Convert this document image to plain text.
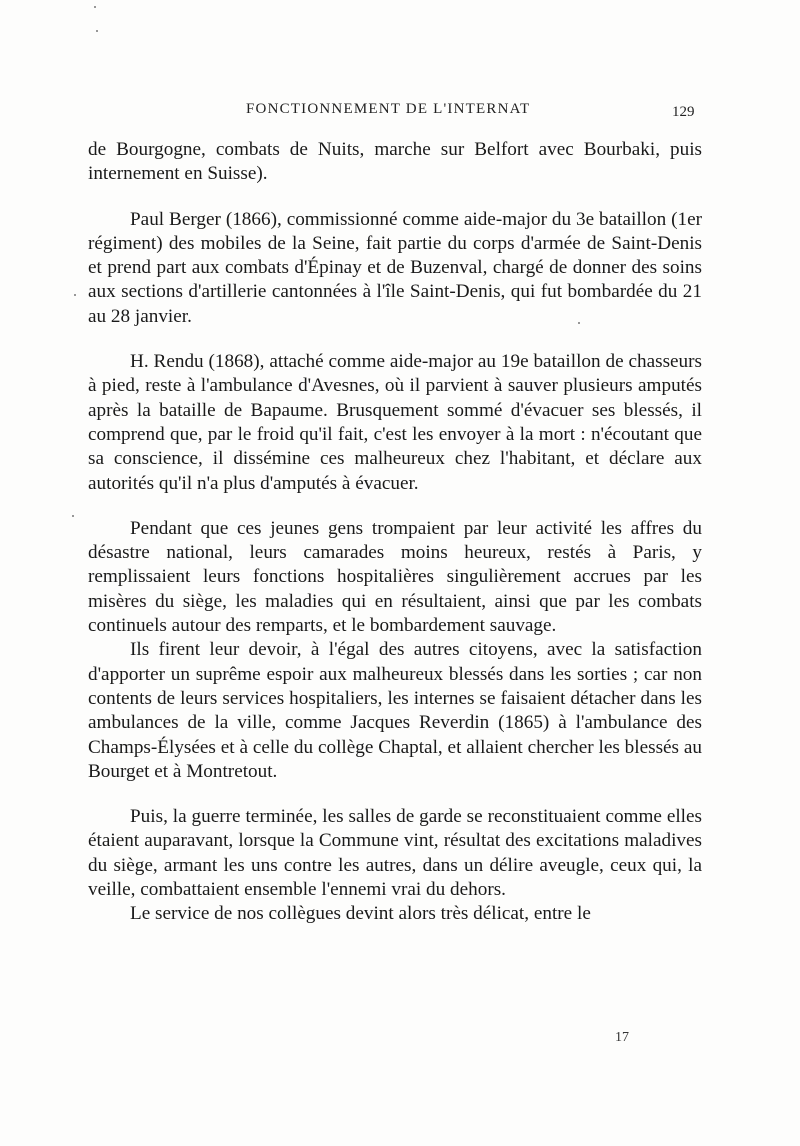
FONCTIONNEMENT DE L'INTERNAT	129

de Bourgogne, combats de Nuits, marche sur Belfort avec Bourbaki, puis internement en Suisse).

Paul Berger (1866), commissionné comme aide-major du 3e bataillon (1er régiment) des mobiles de la Seine, fait partie du corps d'armée de Saint-Denis et prend part aux combats d'Épinay et de Buzenval, chargé de donner des soins aux sections d'artillerie cantonnées à l'île Saint-Denis, qui fut bombardée du 21 au 28 janvier.

H. Rendu (1868), attaché comme aide-major au 19e bataillon de chasseurs à pied, reste à l'ambulance d'Avesnes, où il parvient à sauver plusieurs amputés après la bataille de Bapaume. Brusquement sommé d'évacuer ses blessés, il comprend que, par le froid qu'il fait, c'est les envoyer à la mort : n'écoutant que sa conscience, il dissémine ces malheureux chez l'habitant, et déclare aux autorités qu'il n'a plus d'amputés à évacuer.

Pendant que ces jeunes gens trompaient par leur activité les affres du désastre national, leurs camarades moins heureux, restés à Paris, y remplissaient leurs fonctions hospitalières singulièrement accrues par les misères du siège, les maladies qui en résultaient, ainsi que par les combats continuels autour des remparts, et le bombardement sauvage.

Ils firent leur devoir, à l'égal des autres citoyens, avec la satisfaction d'apporter un suprême espoir aux malheureux blessés dans les sorties ; car non contents de leurs services hospitaliers, les internes se faisaient détacher dans les ambulances de la ville, comme Jacques Reverdin (1865) à l'ambulance des Champs-Élysées et à celle du collège Chaptal, et allaient chercher les blessés au Bourget et à Montretout.

Puis, la guerre terminée, les salles de garde se reconstituaient comme elles étaient auparavant, lorsque la Commune vint, résultat des excitations maladives du siège, armant les uns contre les autres, dans un délire aveugle, ceux qui, la veille, combattaient ensemble l'ennemi vrai du dehors.

Le service de nos collègues devint alors très délicat, entre le

17
